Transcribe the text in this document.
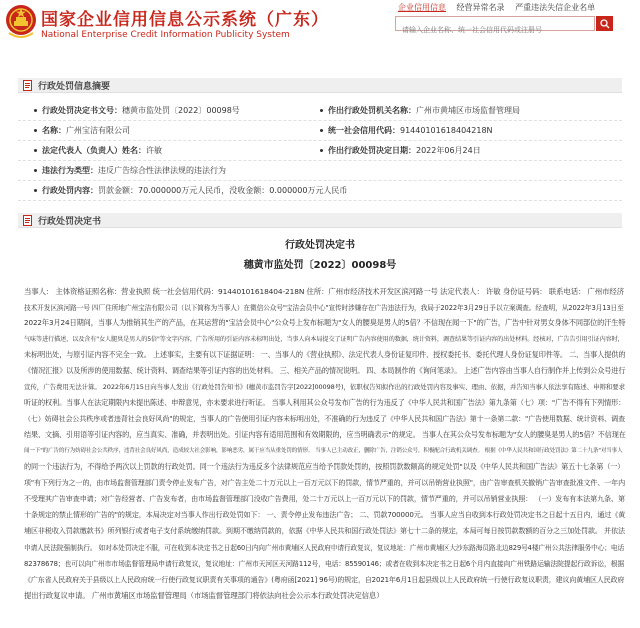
国家企业信用信息公示系统（广东）
National Enterprise Credit Information Publicity System
企业信用信息 经营异常名录 严重违法失信企业名单
请输入企业名称、统一社会信用代码或注册号
行政处罚信息摘要
行政处罚决定书文号：穗黄市监处罚〔2022〕00098号	作出行政处罚机关名称：广州市黄埔区市场监督管理局
名称：广州宝洁有限公司	统一社会信用代码：91440101618404218N
法定代表人（负责人）姓名：许敏	作出行政处罚决定日期：2022年06月24日
违法行为类型：违反广告综合性法律法规的违法行为
行政处罚内容：罚款金额：70.000000万元人民币，没收金额：0.000000万元人民币
行政处罚决定书
行政处罚决定书
穗黄市监处罚〔2022〕00098号
当事人： 主体资格证照名称：营业执照 统一社会信用代码：91440101618404-218N 住所：广州市经济技术开发区滨河路一号 法定代表人： 许敏 身份证号码： 联系电话： 广州市经济
技术开发区滨河路一号 四厂住所地广州宝洁有限公司（以下简称为当事人）在微信公众号"宝洁会员中心"宣传时涉嫌存在广告违法行为，我局于2022年3月29日予以立案调查。经查明，从2022年3月13日至
2022年3月24日期间，当事人为推销其生产的产品，在其运营的"宝洁会员中心"公众号上发布标题为"女人的腰臭是男人的5倍？不信现在闻一下"的广告，广告中针对男女身体不同部位的汗生特
气味等进行描述，以及含有"女人腿臭是男人的5倍"等文字内容，广告所用的引证内容未标明出处，当事人向本局提交了证明广告内容使用的数据，统计资料，调查结果等引证内容的出处材料。经核对，广告告引用引证内容时，
未标明出处，与原引证内容不完全一致。 上述事实，主要有以下证据证明： 一、当事人的《营业执照》、法定代表人身份证复印件、授权委托书、委托代理人身份证复印件等。 二、当事人提供的
《情况汇报》以及所涉的使用数据、统计资料、调查结果等引证内容的出处材料。 三、相关产品的情况说明。 四、本局制作的《询问笔录》。 上述广告内容由当事人自行制作并上传到公众号进行
宣传，广告费用无法计算。 2022年6月15日向当事人发出《行政处罚告知书》(穗黄市监罚告字[2022]00098号)，依职权告知拟作出的行政处罚内容及事实、理由、依据，并告知当事人依法享有陈述、申辩和要求
听证的权利。当事人在法定期限内未提出陈述、申辩意见，亦未要求进行听证。 当事人利用其公众号发布广告的行为违反了《中华人民共和国广告法》第九条第（七）项："广告不得有下列情形：
（七）妨碍社会公共秩序或者违背社会良好风尚"的规定，当事人的广告使用引证内容未标明出处，不准确的行为违反了《中华人民共和国广告法》第十一条第二款："广告使用数据、统计资料、调查
结果、文摘、引用语等引证内容的，应当真实、准确，并表明出处。引证内容有适用范围和有效期限的，应当明确表示"的规定。 当事人在其公众号发布标题为"女人的腰臭是男人的5倍？不信现在
闻一下"的广告的行为妨碍社会公共秩序，违背社会良好风尚，造成较大社会影响，影响恶劣，属于应当从重处罚的情形。 当事人已主动改正，删除广告，注销公众号，积极配合行政机关调查。 根据《中华人民共和国行政处罚法》第二十九条"对当事人
的同一个违法行为，不得给予两次以上罚款的行政处罚。同一个违法行为违反多个法律规范应当给予罚款处罚的，按照罚款数额高的规定处罚"以及《中华人民共和国广告法》第五十七条第（一）
项"有下列行为之一的，由市场监督管理部门责令停止发布广告，对广告主处二十万元以上一百万元以下的罚款，情节严重的，并可以吊销营业执照"，由广告审查机关撤销广告审查批准文件、一年内
不受理其广告审查申请；对广告经营者、广告发布者，由市场监督管理部门没收广告费用，处二十万元以上一百万元以下的罚款，情节严重的，并可以吊销营业执照： （一）发布有本法第九条、第
十条规定的禁止情形的广告的"的规定，本局决定对当事人作出行政处罚如下： 一、责令停止发布违法广告； 二、罚款700000元。 当事人应当自收到本行政处罚决定书之日起十五日内，通过《黄
埔区非税收入罚款缴款书》所列银行或者电子支付系统缴纳罚款。到期不缴纳罚款的，依据《中华人民共和国行政处罚法》第七十二条的规定，本局可每日按罚款数额的百分之三加处罚款。 并依法
申请人民法院强制执行。 如对本处罚决定不服，可在收到本决定书之日起60日内向广州市黄埔区人民政府申请行政复议，复议地址：广州市黄埔区大沙东路海员路北边829号4楼广州公共法律服务中心；电话
82378678；也可以向广州市市场监督管理局申请行政复议，复议地址：广州市天河区天河路112号，电话：85590146；或者在收到本决定书之日起6个月内直接向广州铁路运输法院提起行政诉讼，根据
《广东省人民政府关于县级以上人民政府统一行使行政复议职责有关事项的通告》(粤府函[2021] 96号)的规定，自2021年6月1日起县级以上人民政府统一行使行政复议职责，建议向黄埔区人民政府
提出行政复议申请。 广州市黄埔区市场监督管理局（市场监督管理部门将依法向社会公示本行政处罚决定信息）
